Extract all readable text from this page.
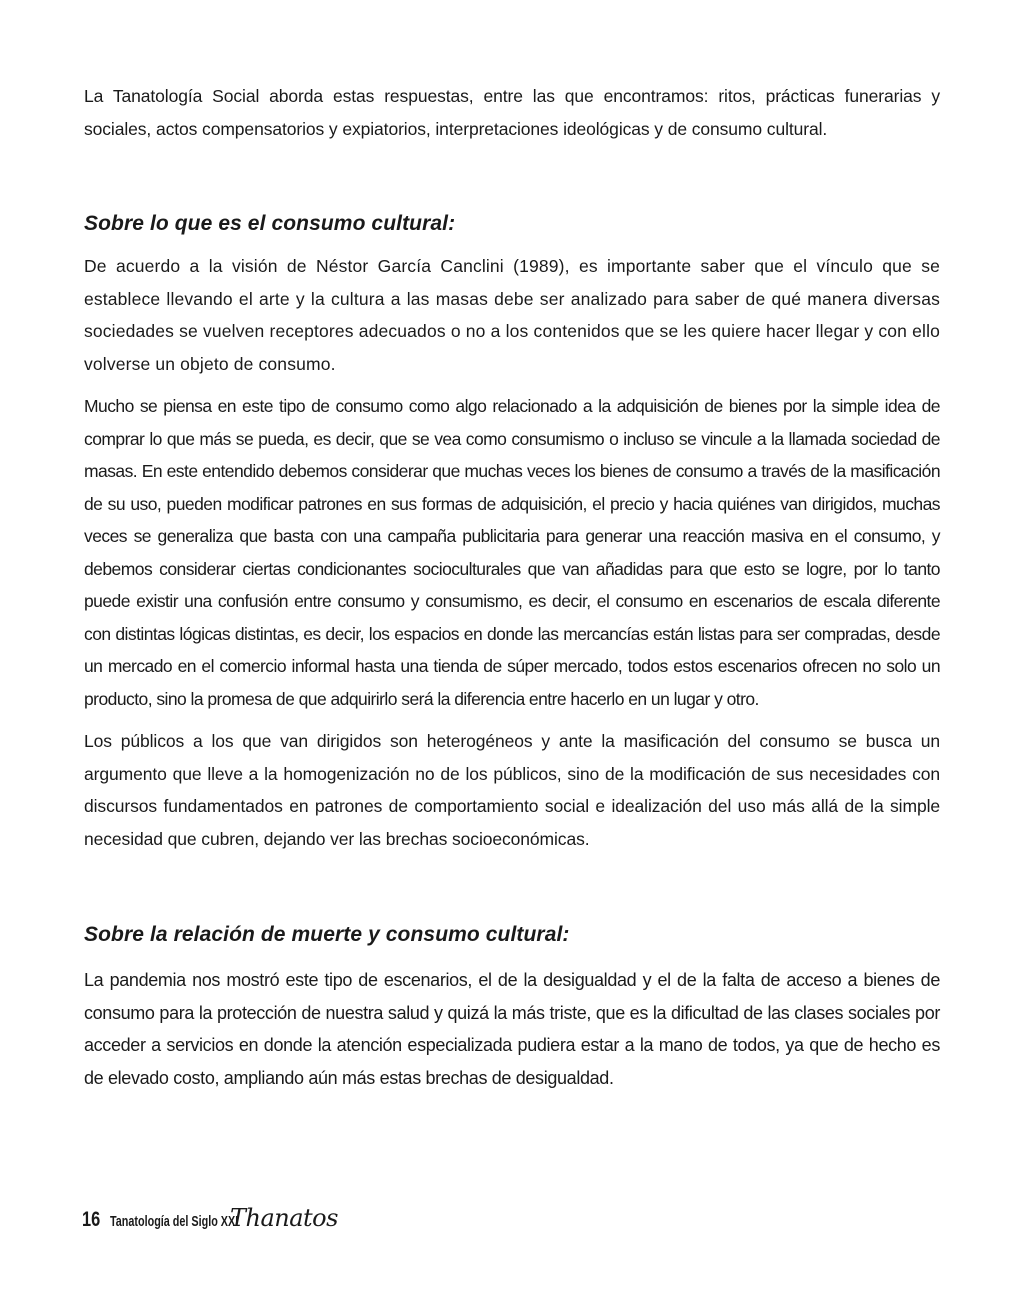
La Tanatología Social aborda estas respuestas, entre las que encontramos: ritos, prácticas funerarias y sociales, actos compensatorios y expiatorios, interpretaciones ideológicas y de consumo cultural.

Sobre lo que es el consumo cultural:

De acuerdo a la visión de Néstor García Canclini (1989), es importante saber que el vínculo que se establece llevando el arte y la cultura a las masas debe ser analizado para saber de qué manera diversas sociedades se vuelven receptores adecuados o no a los contenidos que se les quiere hacer llegar y con ello volverse un objeto de consumo.

Mucho se piensa en este tipo de consumo como algo relacionado a la adquisición de bienes por la simple idea de comprar lo que más se pueda, es decir, que se vea como consumismo o incluso se vincule a la llamada sociedad de masas. En este entendido debemos considerar que muchas veces los bienes de consumo a través de la masificación de su uso, pueden modificar patrones en sus formas de adquisición, el precio y hacia quiénes van dirigidos, muchas veces se generaliza que basta con una campaña publicitaria para generar una reacción masiva en el consumo, y debemos considerar ciertas condicionantes socioculturales que van añadidas para que esto se logre, por lo tanto puede existir una confusión entre consumo y consumismo, es decir, el consumo en escenarios de escala diferente con distintas lógicas distintas, es decir, los espacios en donde las mercancías están listas para ser compradas, desde un mercado en el comercio informal hasta una tienda de súper mercado, todos estos escenarios ofrecen no solo un producto, sino la promesa de que adquirirlo será la diferencia entre hacerlo en un lugar y otro.

Los públicos a los que van dirigidos son heterogéneos y ante la masificación del consumo se busca un argumento que lleve a la homogenización no de los públicos, sino de la modificación de sus necesidades con discursos fundamentados en patrones de comportamiento social e idealización del uso más allá de la simple necesidad que cubren, dejando ver las brechas socioeconómicas.

Sobre la relación de muerte y consumo cultural:

La pandemia nos mostró este tipo de escenarios, el de la desigualdad y el de la falta de acceso a bienes de consumo para la protección de nuestra salud y quizá la más triste, que es la dificultad de las clases sociales por acceder a servicios en donde la atención especializada pudiera estar a la mano de todos, ya que de hecho es de elevado costo, ampliando aún más estas brechas de desigualdad.

16 Tanatología del Siglo XXI
Thanatos
